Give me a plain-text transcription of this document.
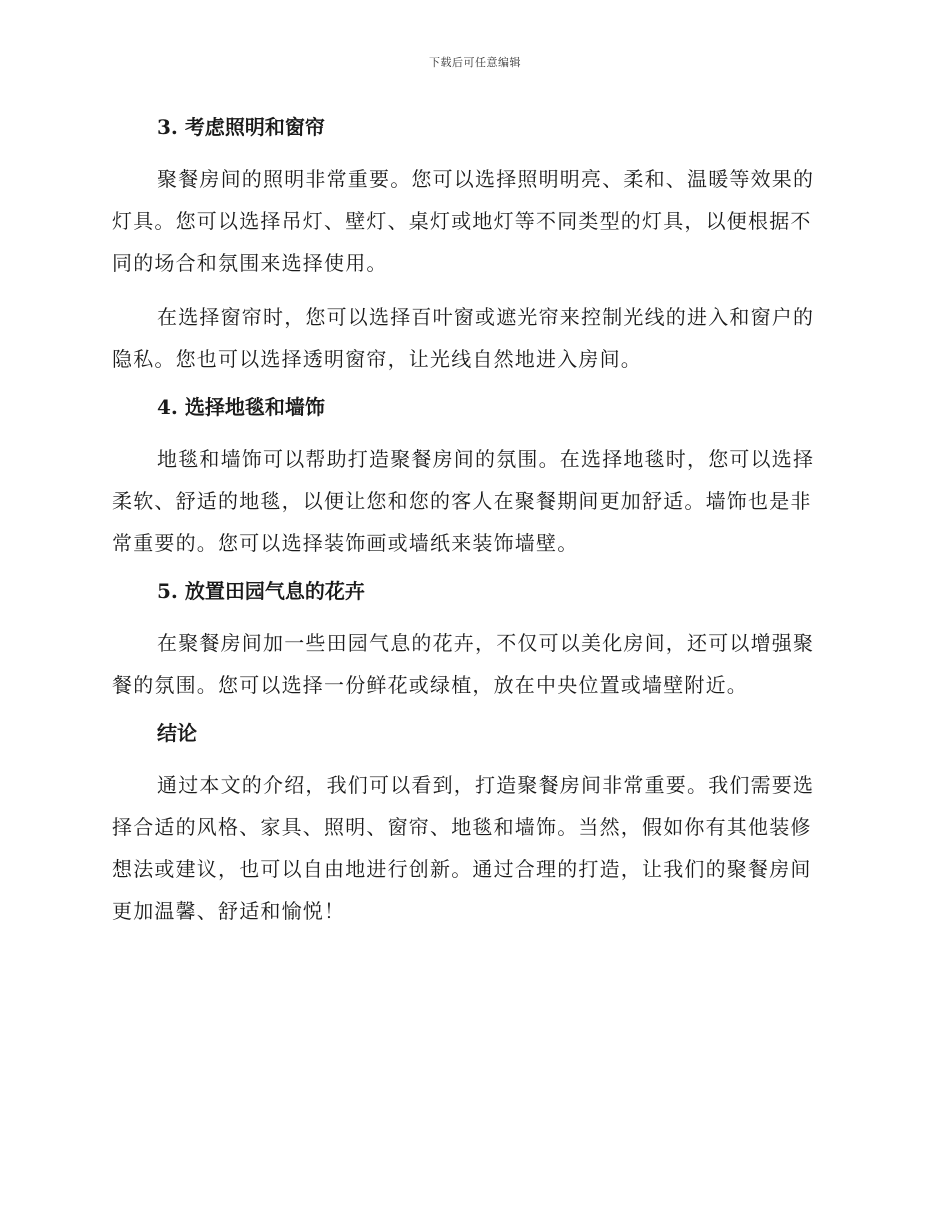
下载后可任意编辑
3. 考虑照明和窗帘

聚餐房间的照明非常重要。您可以选择照明明亮、柔和、温暖等效果的灯具。您可以选择吊灯、壁灯、桌灯或地灯等不同类型的灯具，以便根据不同的场合和氛围来选择使用。

在选择窗帘时，您可以选择百叶窗或遮光帘来控制光线的进入和窗户的隐私。您也可以选择透明窗帘，让光线自然地进入房间。

4. 选择地毯和墙饰

地毯和墙饰可以帮助打造聚餐房间的氛围。在选择地毯时，您可以选择柔软、舒适的地毯，以便让您和您的客人在聚餐期间更加舒适。墙饰也是非常重要的。您可以选择装饰画或墙纸来装饰墙壁。

5. 放置田园气息的花卉

在聚餐房间加一些田园气息的花卉，不仅可以美化房间，还可以增强聚餐的氛围。您可以选择一份鲜花或绿植，放在中央位置或墙壁附近。

结论

通过本文的介绍，我们可以看到，打造聚餐房间非常重要。我们需要选择合适的风格、家具、照明、窗帘、地毯和墙饰。当然，假如你有其他装修想法或建议，也可以自由地进行创新。通过合理的打造，让我们的聚餐房间更加温馨、舒适和愉悦！
